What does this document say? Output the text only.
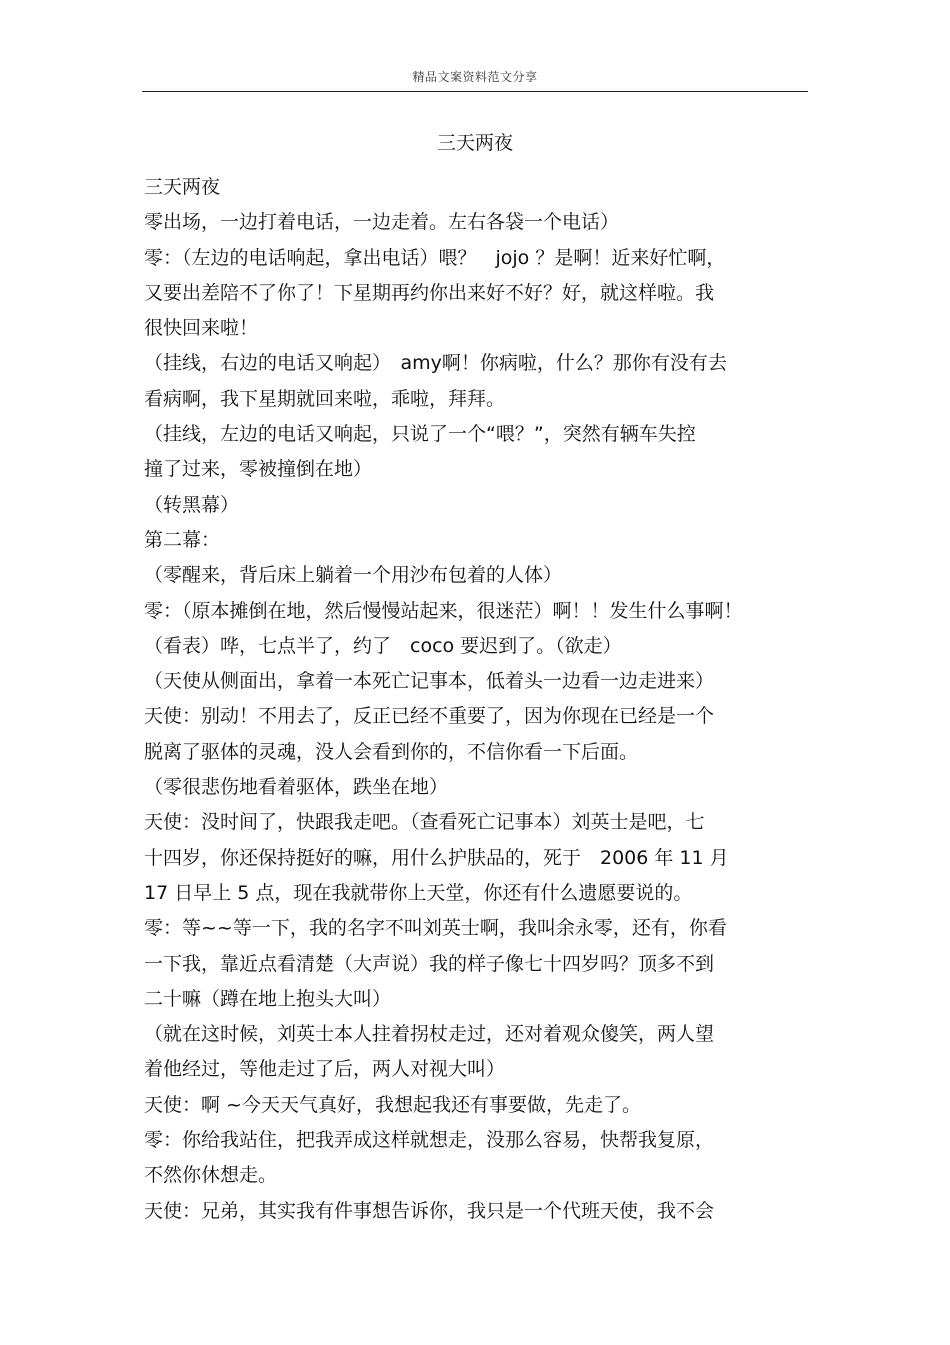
精品文案资料范文分享
三天两夜
三天两夜
零出场，一边打着电话，一边走着。左右各袋一个电话）
零：（左边的电话响起，拿出电话）喂？　jojo ？是啊！近来好忙啊，
又要出差陪不了你了！下星期再约你出来好不好？好，就这样啦。我
很快回来啦！
（挂线，右边的电话又响起）　amy啊！你病啦，什么？那你有没有去
看病啊，我下星期就回来啦，乖啦，拜拜。
（挂线，左边的电话又响起，只说了一个“喂？”，突然有辆车失控
撞了过来，零被撞倒在地）
（转黑幕）
第二幕：
（零醒来，背后床上躺着一个用沙布包着的人体）
零：（原本摊倒在地，然后慢慢站起来，很迷茫）啊！！发生什么事啊！
（看表）哗，七点半了，约了　coco 要迟到了。（欲走）
（天使从侧面出，拿着一本死亡记事本，低着头一边看一边走进来）
天使：别动！不用去了，反正已经不重要了，因为你现在已经是一个
脱离了驱体的灵魂，没人会看到你的，不信你看一下后面。
（零很悲伤地看着驱体，跌坐在地）
天使：没时间了，快跟我走吧。（查看死亡记事本）刘英士是吧，七
十四岁，你还保持挺好的嘛，用什么护肤品的，死于　2006 年 11 月
17 日早上 5 点，现在我就带你上天堂，你还有什么遗愿要说的。
零：等~~等一下，我的名字不叫刘英士啊，我叫余永零，还有，你看
一下我，靠近点看清楚（大声说）我的样子像七十四岁吗？顶多不到
二十嘛（蹲在地上抱头大叫）
（就在这时候，刘英士本人拄着拐杖走过，还对着观众傻笑，两人望
着他经过，等他走过了后，两人对视大叫）
天使：啊 ~今天天气真好，我想起我还有事要做，先走了。
零：你给我站住，把我弄成这样就想走，没那么容易，快帮我复原，
不然你休想走。
天使：兄弟，其实我有件事想告诉你，我只是一个代班天使，我不会
